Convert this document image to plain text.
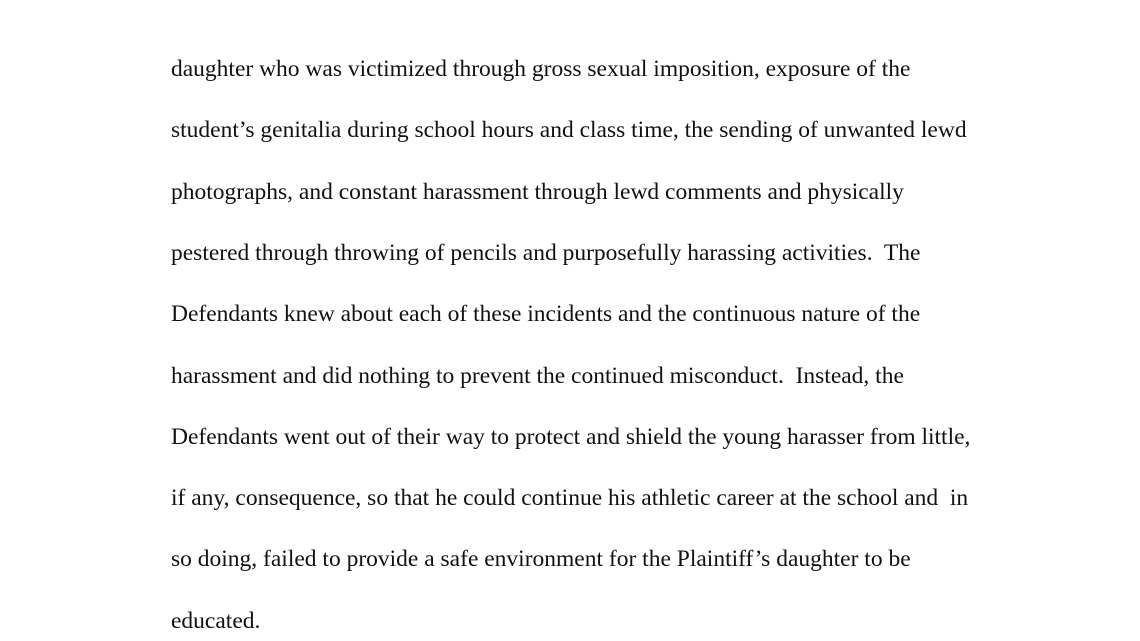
daughter who was victimized through gross sexual imposition, exposure of the
student’s genitalia during school hours and class time, the sending of unwanted lewd
photographs, and constant harassment through lewd comments and physically
pestered through throwing of pencils and purposefully harassing activities.  The
Defendants knew about each of these incidents and the continuous nature of the
harassment and did nothing to prevent the continued misconduct.  Instead, the
Defendants went out of their way to protect and shield the young harasser from little,
if any, consequence, so that he could continue his athletic career at the school and  in
so doing, failed to provide a safe environment for the Plaintiff’s daughter to be
educated.
